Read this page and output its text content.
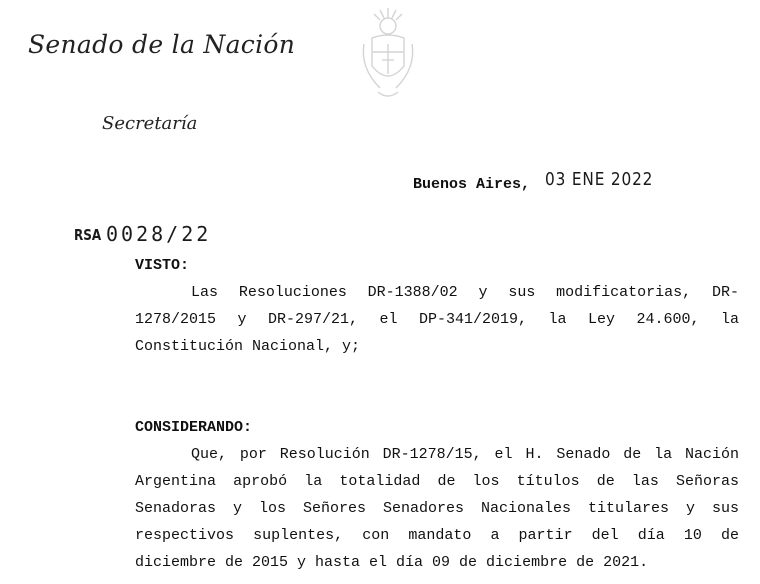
Senado de la Nación
Secretaría
Buenos Aires, 03 ENE 2022
RSA 0028/22
VISTO:
Las Resoluciones DR-1388/02 y sus modificatorias, DR-
1278/2015 y DR-297/21, el DP-341/2019, la Ley 24.600, la
Constitución Nacional, y;
CONSIDERANDO:
Que, por Resolución DR-1278/15, el H. Senado de la Nación
Argentina aprobó la totalidad de los títulos de las Señoras
Senadoras y los Señores Senadores Nacionales titulares y sus
respectivos suplentes, con mandato a partir del día 10 de
diciembre de 2015 y hasta el día 09 de diciembre de 2021.
